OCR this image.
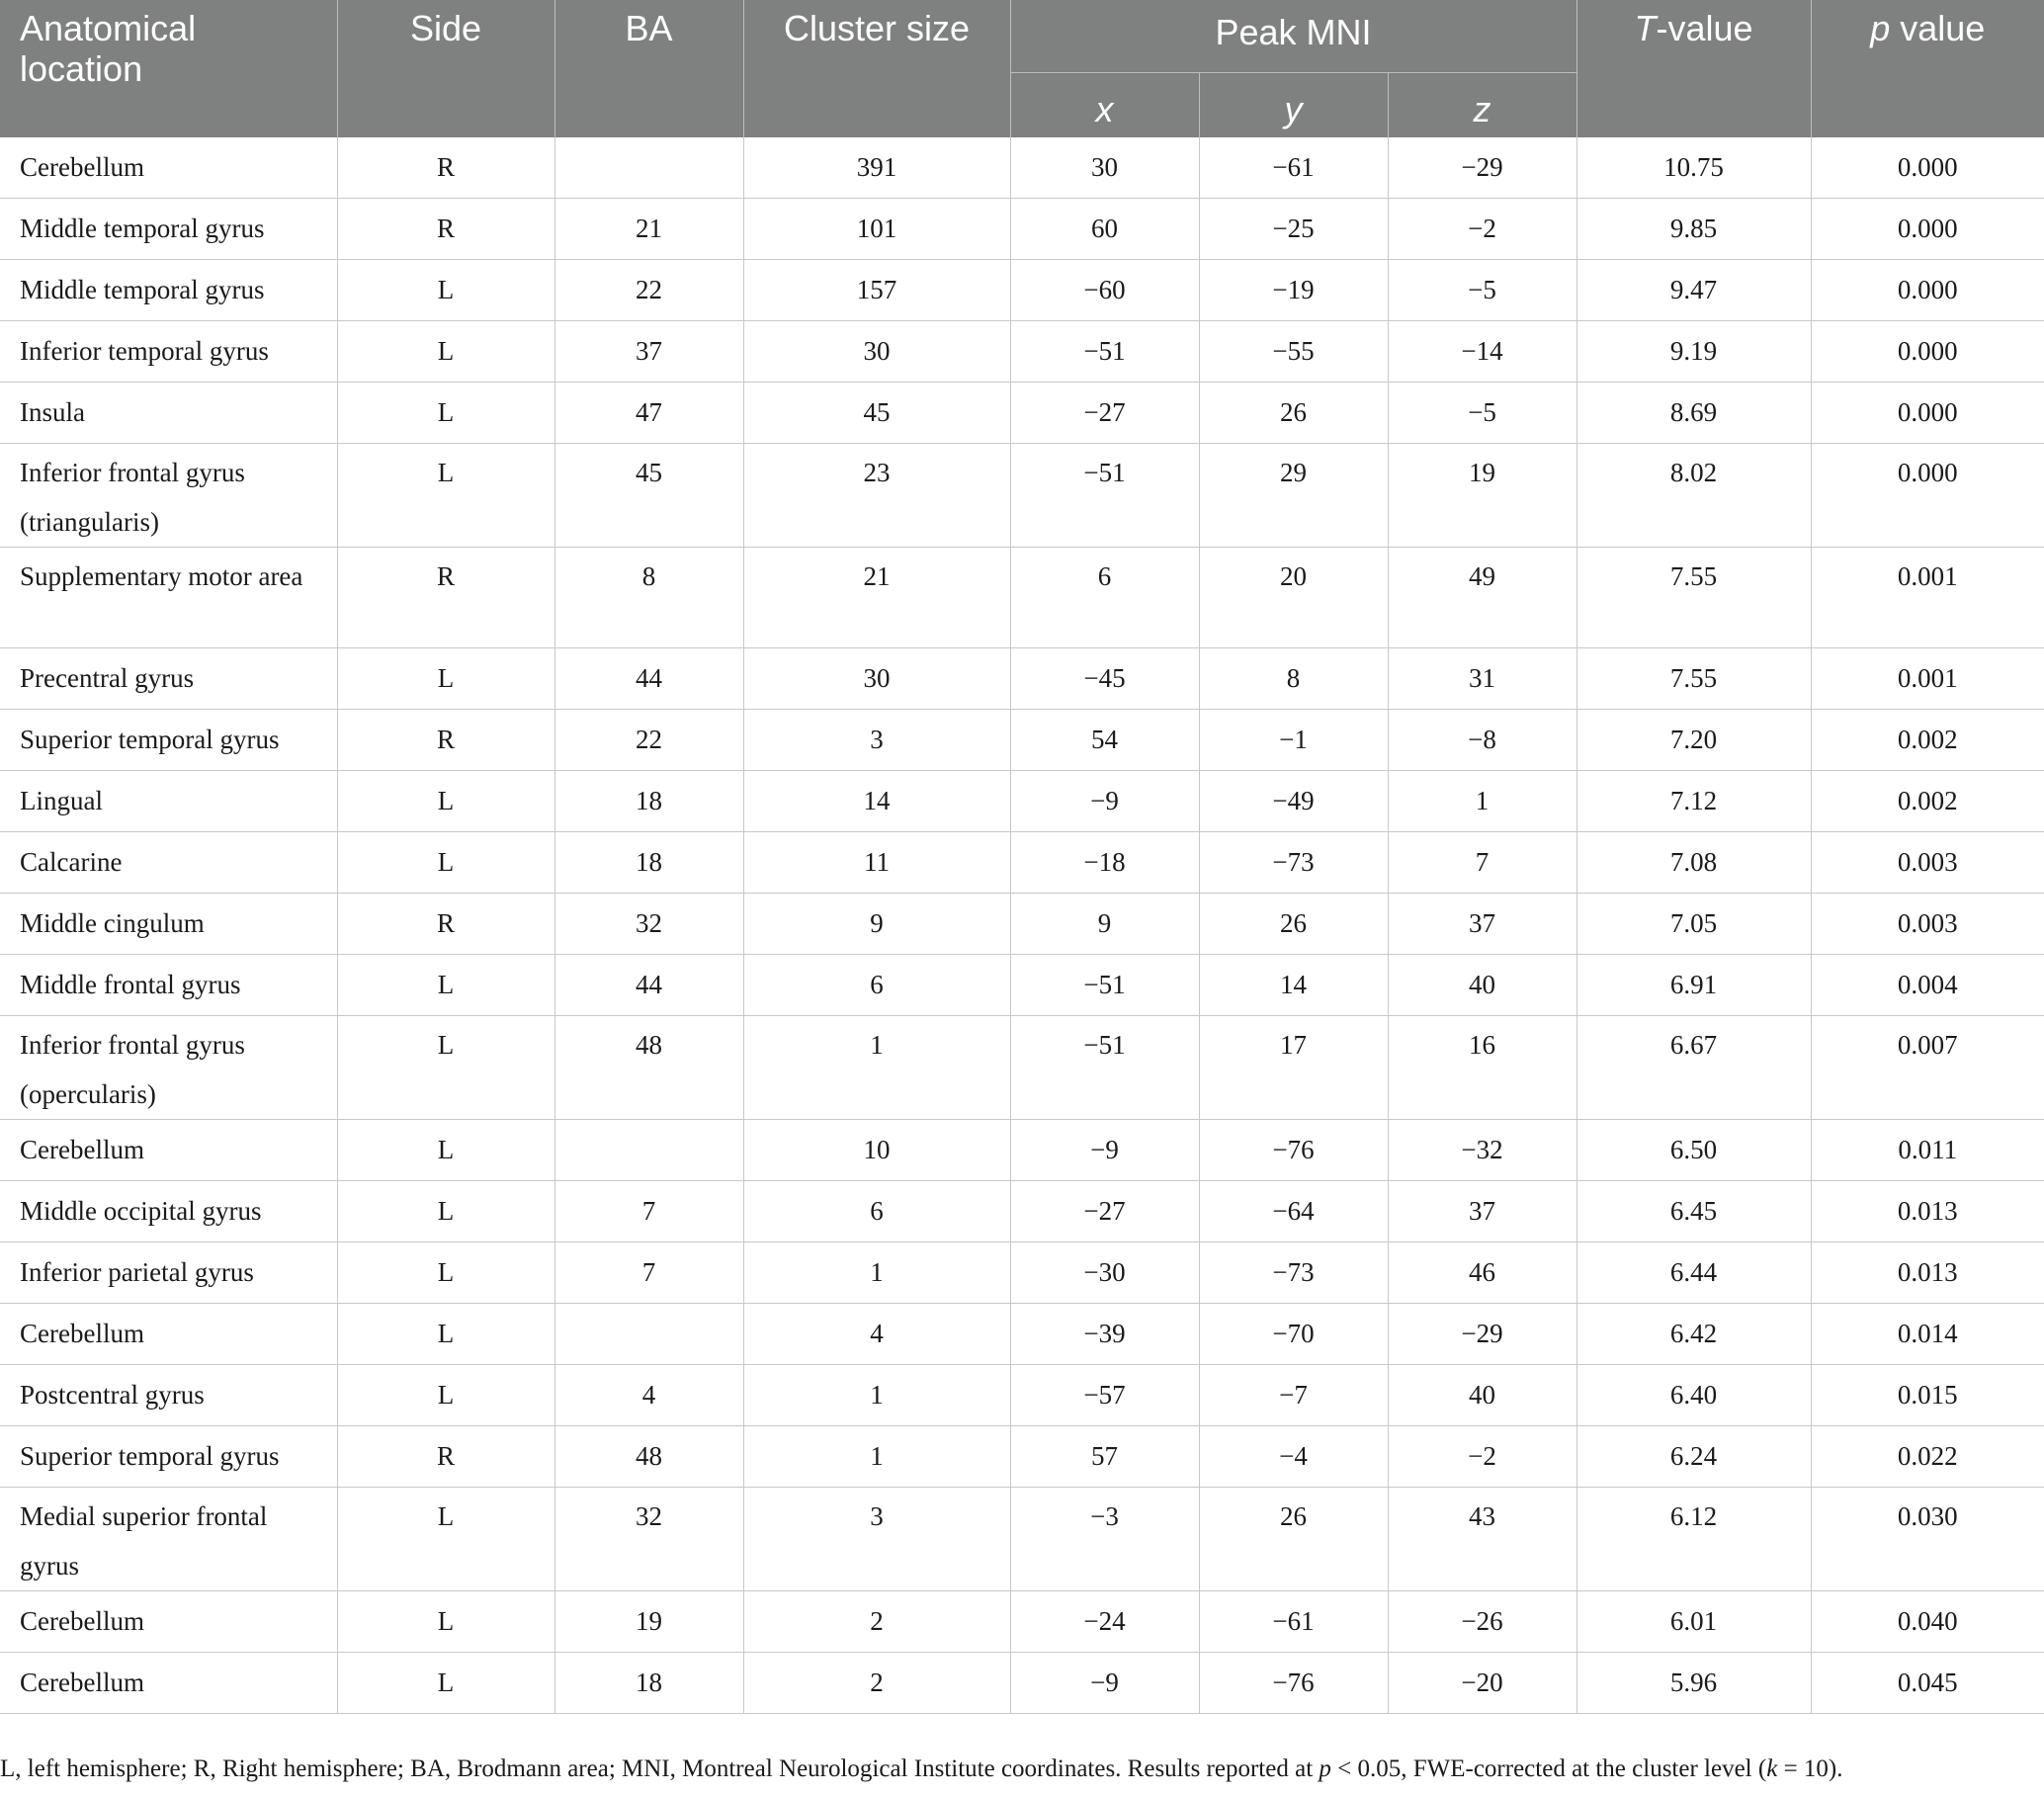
Anatomical location	Side	BA	Cluster size	Peak MNI			T-value	p value
				x	y	z		
Cerebellum	R		391	30	−61	−29	10.75	0.000
Middle temporal gyrus	R	21	101	60	−25	−2	9.85	0.000
Middle temporal gyrus	L	22	157	−60	−19	−5	9.47	0.000
Inferior temporal gyrus	L	37	30	−51	−55	−14	9.19	0.000
Insula	L	47	45	−27	26	−5	8.69	0.000
Inferior frontal gyrus (triangularis)	L	45	23	−51	29	19	8.02	0.000
Supplementary motor area	R	8	21	6	20	49	7.55	0.001
Precentral gyrus	L	44	30	−45	8	31	7.55	0.001
Superior temporal gyrus	R	22	3	54	−1	−8	7.20	0.002
Lingual	L	18	14	−9	−49	1	7.12	0.002
Calcarine	L	18	11	−18	−73	7	7.08	0.003
Middle cingulum	R	32	9	9	26	37	7.05	0.003
Middle frontal gyrus	L	44	6	−51	14	40	6.91	0.004
Inferior frontal gyrus (opercularis)	L	48	1	−51	17	16	6.67	0.007
Cerebellum	L		10	−9	−76	−32	6.50	0.011
Middle occipital gyrus	L	7	6	−27	−64	37	6.45	0.013
Inferior parietal gyrus	L	7	1	−30	−73	46	6.44	0.013
Cerebellum	L		4	−39	−70	−29	6.42	0.014
Postcentral gyrus	L	4	1	−57	−7	40	6.40	0.015
Superior temporal gyrus	R	48	1	57	−4	−2	6.24	0.022
Medial superior frontal gyrus	L	32	3	−3	26	43	6.12	0.030
Cerebellum	L	19	2	−24	−61	−26	6.01	0.040
Cerebellum	L	18	2	−9	−76	−20	5.96	0.045
L, left hemisphere; R, Right hemisphere; BA, Brodmann area; MNI, Montreal Neurological Institute coordinates. Results reported at p < 0.05, FWE-corrected at the cluster level (k = 10).
